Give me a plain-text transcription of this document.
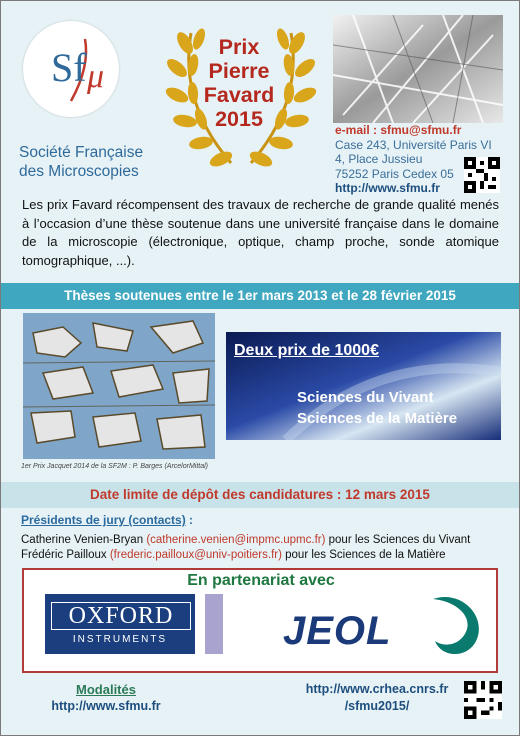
Sf μ
Société Française
des Microscopies
Prix
Pierre
Favard
2015	e-mail : sfmu@sfmu.fr
Case 243, Université Paris VI
4, Place Jussieu
75252 Paris Cedex 05
http://www.sfmu.fr
Les prix Favard récompensent des travaux de recherche de grande qualité menés à l’occasion d’une thèse soutenue dans une université française dans le domaine de la microscopie (électronique, optique, champ proche, sonde atomique tomographique, ...).
Thèses soutenues entre le 1er mars 2013 et le 28 février 2015
1er Prix Jacquet 2014 de la SF2M : P. Barges (ArcelorMittal)
Deux prix de 1000€
Sciences du Vivant
Sciences de la Matière
Date limite de dépôt des candidatures : 12 mars 2015
Présidents de jury (contacts) :
Catherine Venien-Bryan (catherine.venien@impmc.upmc.fr) pour les Sciences du Vivant
Frédéric Pailloux (frederic.pailloux@univ-poitiers.fr) pour les Sciences de la Matière
En partenariat avec
OXFORD
INSTRUMENTS	JEOL
Modalités
http://www.sfmu.fr
http://www.crhea.cnrs.fr
/sfmu2015/
